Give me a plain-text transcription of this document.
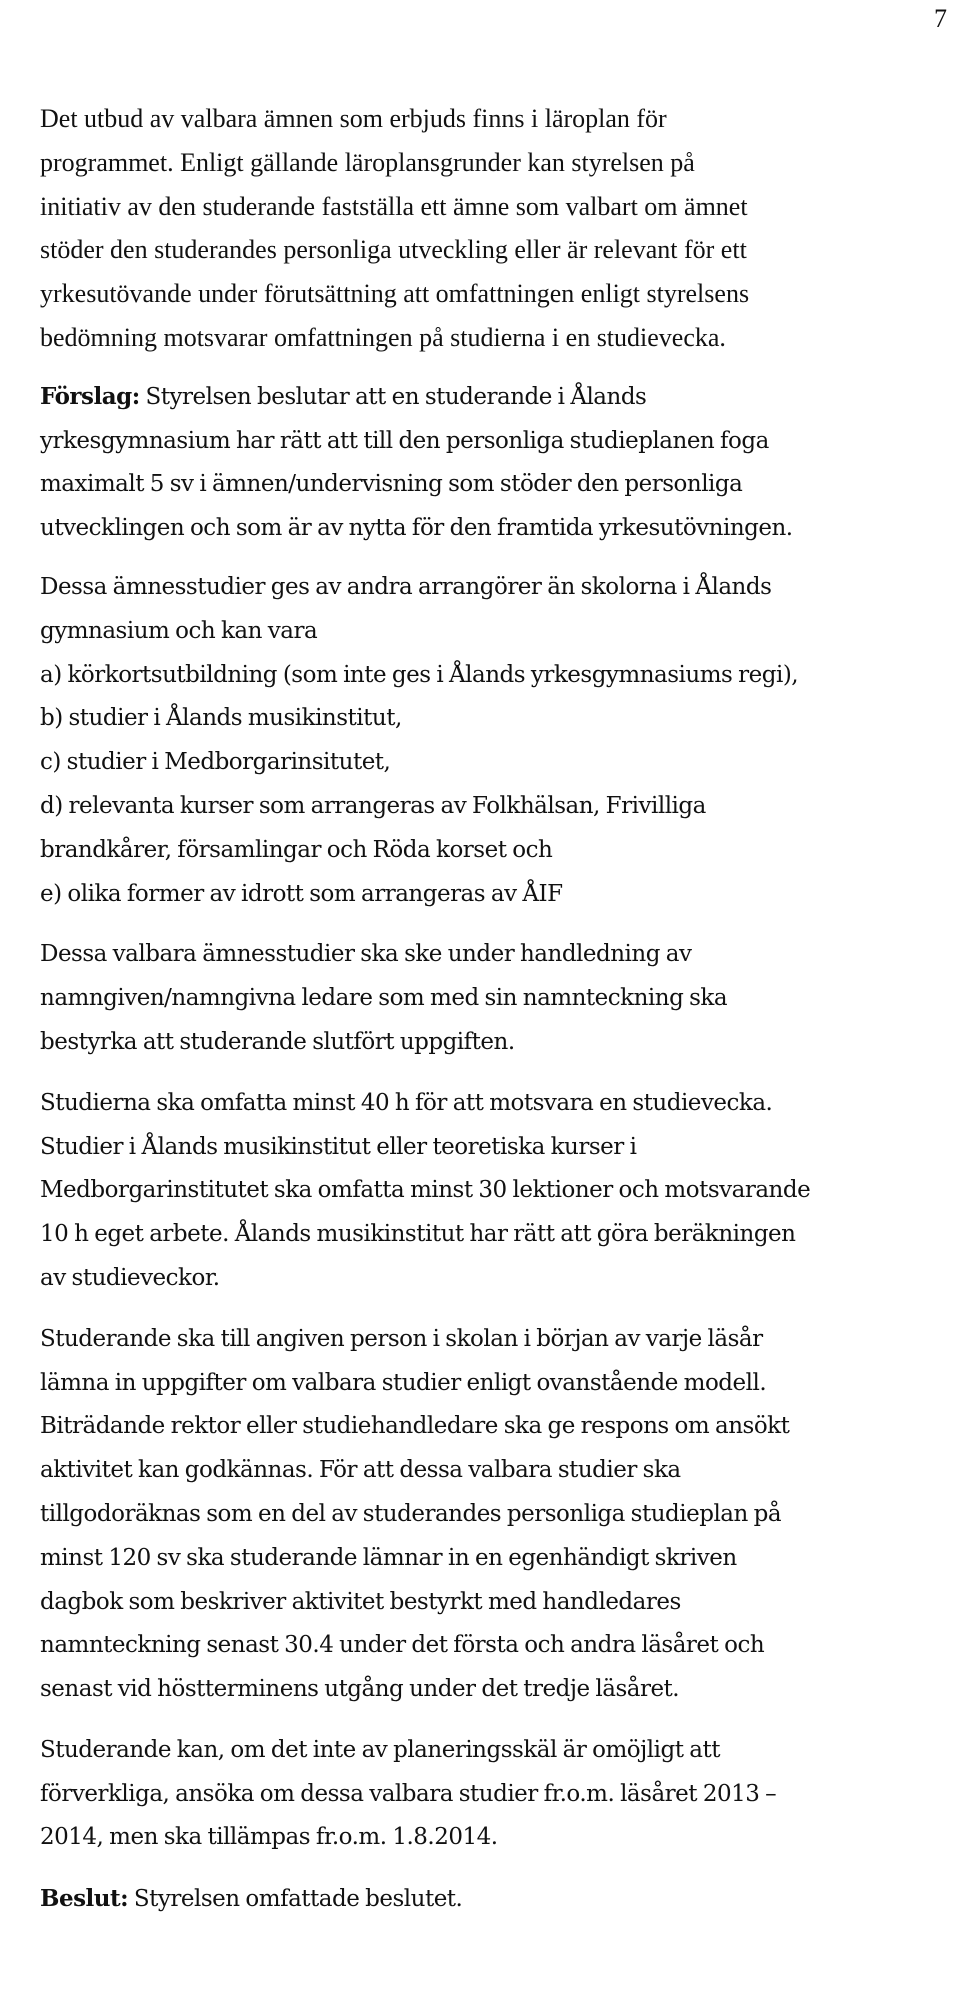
7

Det utbud av valbara ämnen som erbjuds finns i läroplan för
programmet. Enligt gällande läroplansgrunder kan styrelsen på
initiativ av den studerande fastställa ett ämne som valbart om ämnet
stöder den studerandes personliga utveckling eller är relevant för ett
yrkesutövande under förutsättning att omfattningen enligt styrelsens
bedömning motsvarar omfattningen på studierna i en studievecka.

Förslag: Styrelsen beslutar att en studerande i Ålands
yrkesgymnasium har rätt att till den personliga studieplanen foga
maximalt 5 sv i ämnen/undervisning som stöder den personliga
utvecklingen och som är av nytta för den framtida yrkesutövningen.

Dessa ämnesstudier ges av andra arrangörer än skolorna i Ålands
gymnasium och kan vara
a) körkortsutbildning (som inte ges i Ålands yrkesgymnasiums regi),
b) studier i Ålands musikinstitut,
c) studier i Medborgarinsitutet,
d) relevanta kurser som arrangeras av Folkhälsan, Frivilliga
brandkårer, församlingar och Röda korset och
e) olika former av idrott som arrangeras av ÅIF

Dessa valbara ämnesstudier ska ske under handledning av
namngiven/namngivna ledare som med sin namnteckning ska
bestyrka att studerande slutfört uppgiften.

Studierna ska omfatta minst 40 h för att motsvara en studievecka.
Studier i Ålands musikinstitut eller teoretiska kurser i
Medborgarinstitutet ska omfatta minst 30 lektioner och motsvarande
10 h eget arbete. Ålands musikinstitut har rätt att göra beräkningen
av studieveckor.

Studerande ska till angiven person i skolan i början av varje läsår
lämna in uppgifter om valbara studier enligt ovanstående modell.
Biträdande rektor eller studiehandledare ska ge respons om ansökt
aktivitet kan godkännas. För att dessa valbara studier ska
tillgodoräknas som en del av studerandes personliga studieplan på
minst 120 sv ska studerande lämnar in en egenhändigt skriven
dagbok som beskriver aktivitet bestyrkt med handledares
namnteckning senast 30.4 under det första och andra läsåret och
senast vid höstterminens utgång under det tredje läsåret.

Studerande kan, om det inte av planeringsskäl är omöjligt att
förverkliga, ansöka om dessa valbara studier fr.o.m. läsåret 2013 –
2014, men ska tillämpas fr.o.m. 1.8.2014.

Beslut: Styrelsen omfattade beslutet.
